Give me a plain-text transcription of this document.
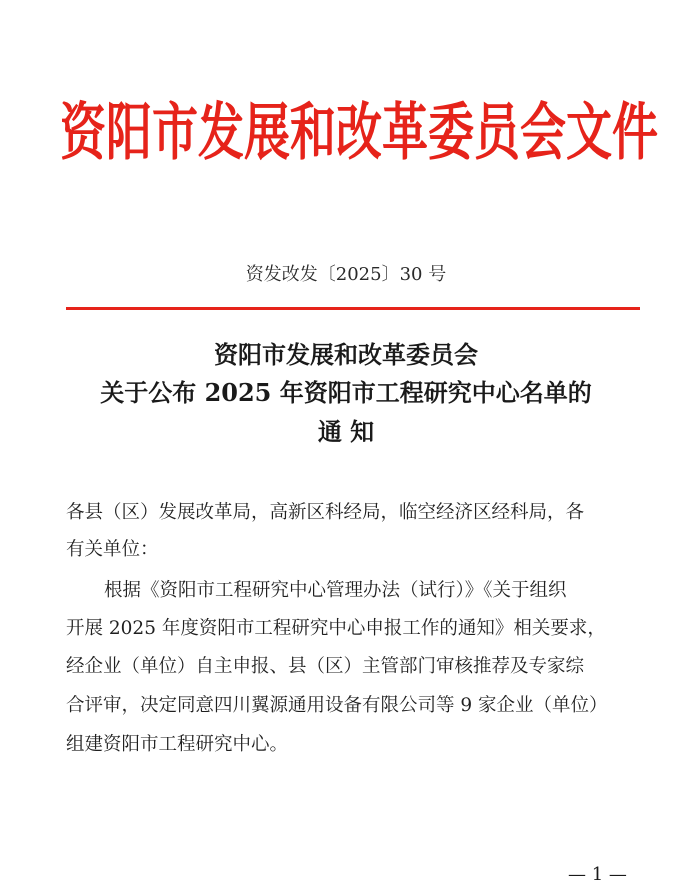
资阳市发展和改革委员会文件
资发改发〔2025〕30 号
资阳市发展和改革委员会
关于公布 2025 年资阳市工程研究中心名单的
通 知
各县（区）发展改革局，高新区科经局，临空经济区经科局，各
有关单位：
根据《资阳市工程研究中心管理办法（试行）》《关于组织
开展 2025 年度资阳市工程研究中心申报工作的通知》相关要求，
经企业（单位）自主申报、县（区）主管部门审核推荐及专家综
合评审，决定同意四川翼源通用设备有限公司等 9 家企业（单位）
组建资阳市工程研究中心。
— 1 —
